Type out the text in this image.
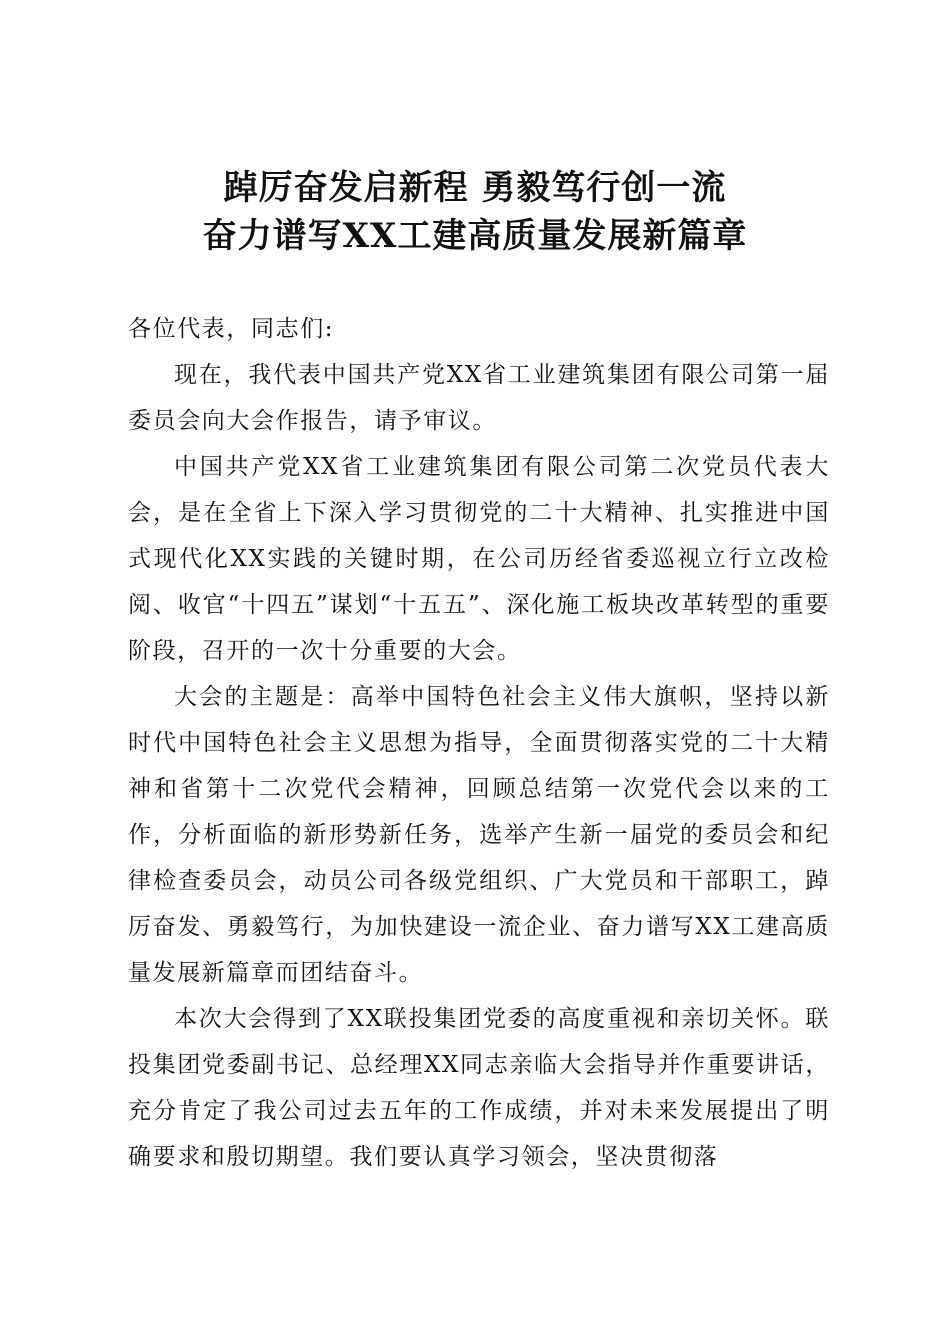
踔厉奋发启新程 勇毅笃行创一流
奋力谱写XX工建高质量发展新篇章

各位代表，同志们:

现在，我代表中国共产党XX省工业建筑集团有限公司第一届委员会向大会作报告，请予审议。

中国共产党XX省工业建筑集团有限公司第二次党员代表大会，是在全省上下深入学习贯彻党的二十大精神、扎实推进中国式现代化XX实践的关键时期，在公司历经省委巡视立行立改检阅、收官“十四五”谋划“十五五”、深化施工板块改革转型的重要阶段，召开的一次十分重要的大会。

大会的主题是：高举中国特色社会主义伟大旗帜，坚持以新时代中国特色社会主义思想为指导，全面贯彻落实党的二十大精神和省第十二次党代会精神，回顾总结第一次党代会以来的工作，分析面临的新形势新任务，选举产生新一届党的委员会和纪律检查委员会，动员公司各级党组织、广大党员和干部职工，踔厉奋发、勇毅笃行，为加快建设一流企业、奋力谱写XX工建高质量发展新篇章而团结奋斗。

本次大会得到了XX联投集团党委的高度重视和亲切关怀。联投集团党委副书记、总经理XX同志亲临大会指导并作重要讲话，充分肯定了我公司过去五年的工作成绩，并对未来发展提出了明确要求和殷切期望。我们要认真学习领会，坚决贯彻落
